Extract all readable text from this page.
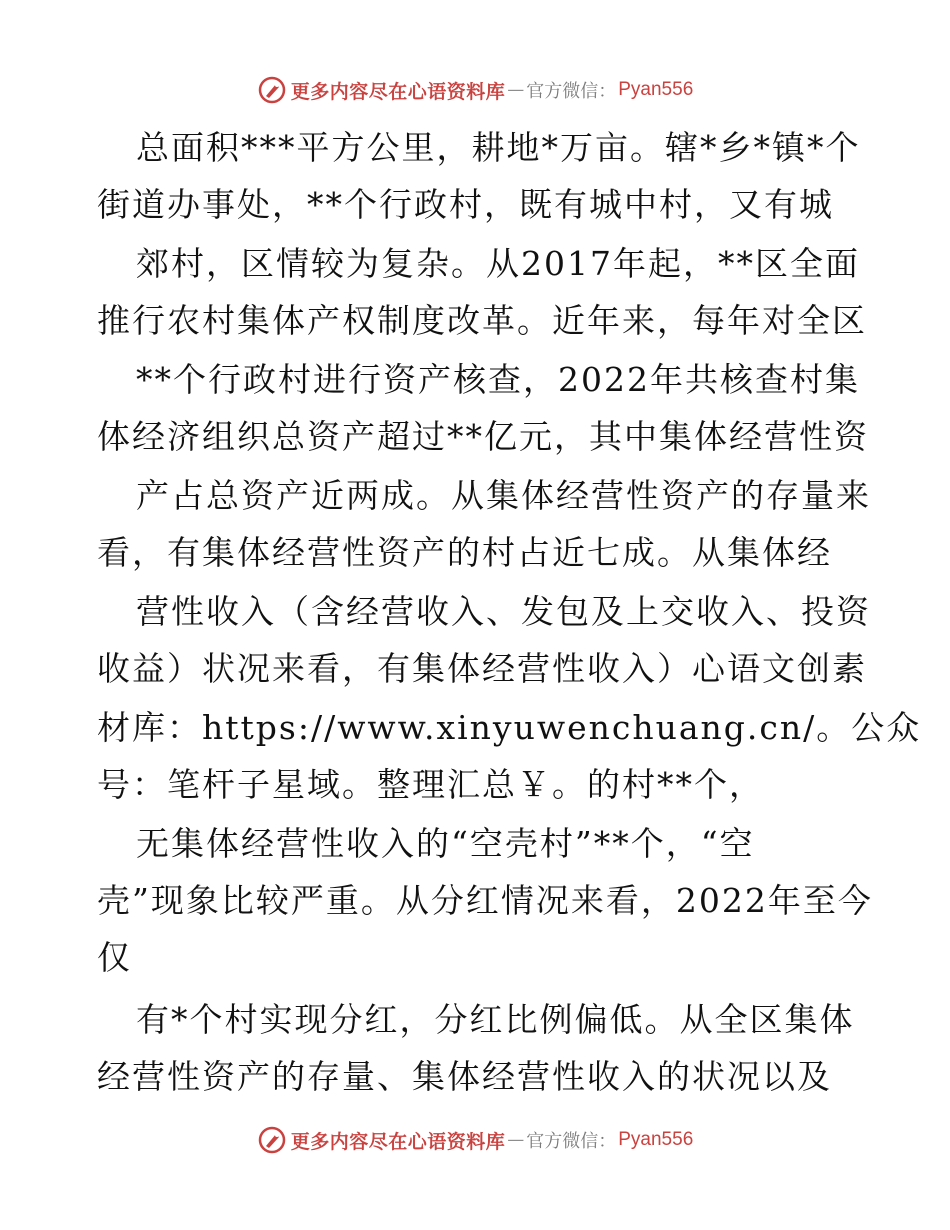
更多内容尽在心语资料库 — 官方微信： Pyan556
总面积***平方公里，耕地*万亩。辖*乡*镇*个
街道办事处，**个行政村，既有城中村，又有城
郊村，区情较为复杂。从2017年起，**区全面
推行农村集体产权制度改革。近年来，每年对全区
**个行政村进行资产核查，2022年共核查村集
体经济组织总资产超过**亿元，其中集体经营性资
产占总资产近两成。从集体经营性资产的存量来
看，有集体经营性资产的村占近七成。从集体经
营性收入（含经营收入、发包及上交收入、投资
收益）状况来看，有集体经营性收入）心语文创素
材库：https://www.xinyuwenchuang.cn/。公众
号：笔杆子星域。整理汇总￥。的村**个，
无集体经营性收入的“空壳村”**个，“空
壳”现象比较严重。从分红情况来看，2022年至今
仅
有*个村实现分红，分红比例偏低。从全区集体
经营性资产的存量、集体经营性收入的状况以及
更多内容尽在心语资料库 — 官方微信： Pyan556
